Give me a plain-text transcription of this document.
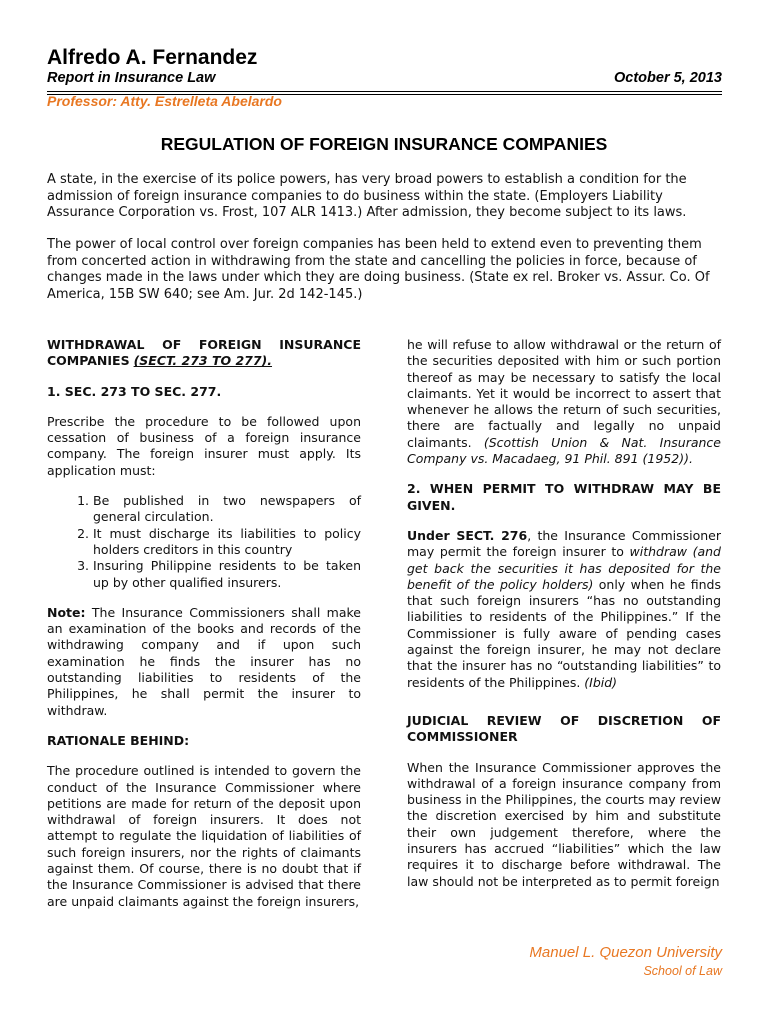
Alfredo A. Fernandez
Report in Insurance Law	October 5, 2013
Professor: Atty. Estrelleta Abelardo
REGULATION OF FOREIGN INSURANCE COMPANIES
A state, in the exercise of its police powers, has very broad powers to establish a condition for the admission of foreign insurance companies to do business within the state. (Employers Liability Assurance Corporation vs. Frost, 107 ALR 1413.) After admission, they become subject to its laws.
The power of local control over foreign companies has been held to extend even to preventing them from concerted action in withdrawing from the state and cancelling the policies in force, because of changes made in the laws under which they are doing business. (State ex rel. Broker vs. Assur. Co. Of America, 15B SW 640; see Am. Jur. 2d 142-145.)

WITHDRAWAL OF FOREIGN INSURANCE COMPANIES (SECT. 273 TO 277).

1. SEC. 273 TO SEC. 277.

Prescribe the procedure to be followed upon cessation of business of a foreign insurance company. The foreign insurer must apply. Its application must:

1. Be published in two newspapers of general circulation.
2. It must discharge its liabilities to policy holders creditors in this country
3. Insuring Philippine residents to be taken up by other qualified insurers.

Note: The Insurance Commissioners shall make an examination of the books and records of the withdrawing company and if upon such examination he finds the insurer has no outstanding liabilities to residents of the Philippines, he shall permit the insurer to withdraw.

RATIONALE BEHIND:

The procedure outlined is intended to govern the conduct of the Insurance Commissioner where petitions are made for return of the deposit upon withdrawal of foreign insurers. It does not attempt to regulate the liquidation of liabilities of such foreign insurers, nor the rights of claimants against them. Of course, there is no doubt that if the Insurance Commissioner is advised that there are unpaid claimants against the foreign insurers,

he will refuse to allow withdrawal or the return of the securities deposited with him or such portion thereof as may be necessary to satisfy the local claimants. Yet it would be incorrect to assert that whenever he allows the return of such securities, there are factually and legally no unpaid claimants. (Scottish Union & Nat. Insurance Company vs. Macadaeg, 91 Phil. 891 (1952)).

2. WHEN PERMIT TO WITHDRAW MAY BE GIVEN.

Under SECT. 276, the Insurance Commissioner may permit the foreign insurer to withdraw (and get back the securities it has deposited for the benefit of the policy holders) only when he finds that such foreign insurers “has no outstanding liabilities to residents of the Philippines.” If the Commissioner is fully aware of pending cases against the foreign insurer, he may not declare that the insurer has no “outstanding liabilities” to residents of the Philippines. (Ibid)

JUDICIAL REVIEW OF DISCRETION OF

COMMISSIONER

When the Insurance Commissioner approves the withdrawal of a foreign insurance company from business in the Philippines, the courts may review the discretion exercised by him and substitute their own judgement therefore, where the insurers has accrued “liabilities” which the law requires it to discharge before withdrawal. The law should not be interpreted as to permit foreign

Manuel L. Quezon University
School of Law
